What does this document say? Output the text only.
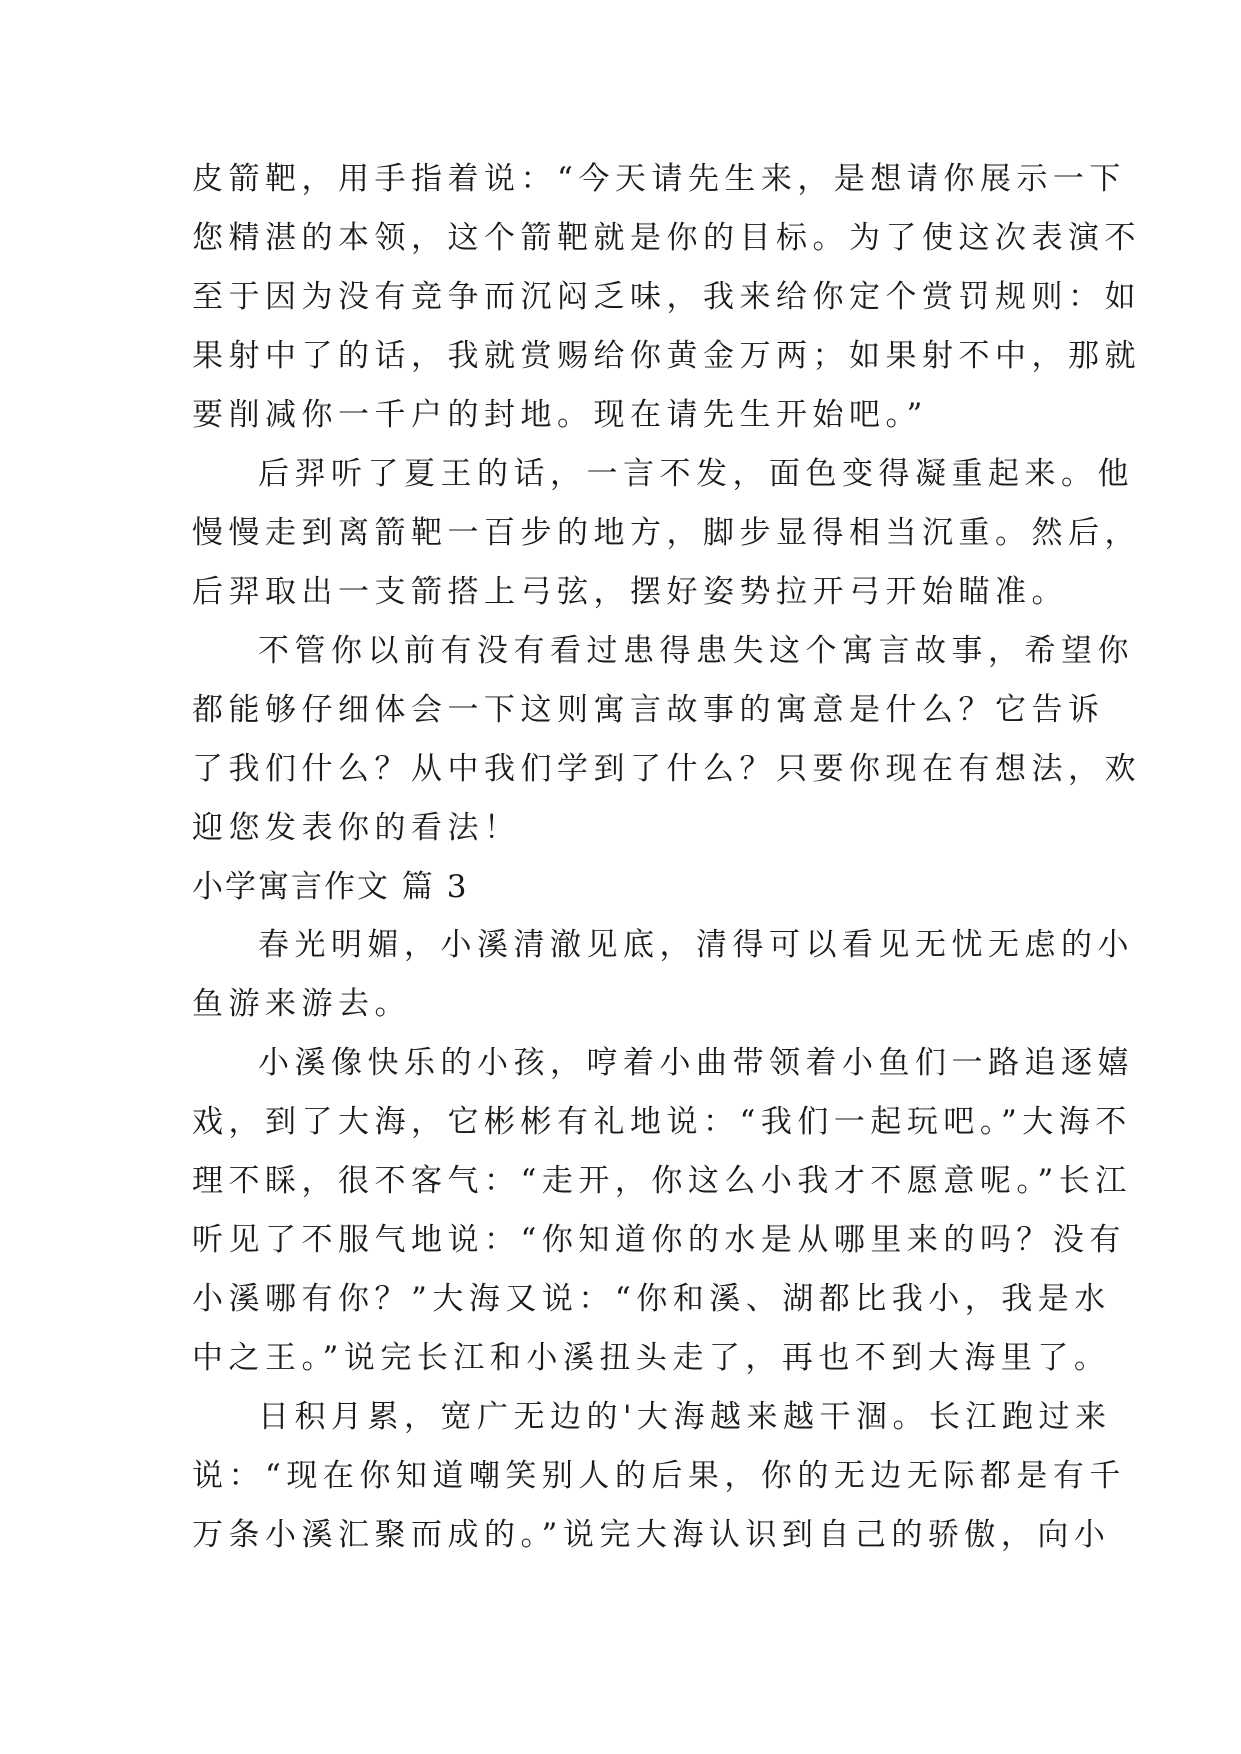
皮箭靶，用手指着说：“今天请先生来，是想请你展示一下
您精湛的本领，这个箭靶就是你的目标。为了使这次表演不
至于因为没有竞争而沉闷乏味，我来给你定个赏罚规则：如
果射中了的话，我就赏赐给你黄金万两；如果射不中，那就
要削减你一千户的封地。现在请先生开始吧。”
后羿听了夏王的话，一言不发，面色变得凝重起来。他
慢慢走到离箭靶一百步的地方，脚步显得相当沉重。然后，
后羿取出一支箭搭上弓弦，摆好姿势拉开弓开始瞄准。
不管你以前有没有看过患得患失这个寓言故事，希望你
都能够仔细体会一下这则寓言故事的寓意是什么？它告诉
了我们什么？从中我们学到了什么？只要你现在有想法，欢
迎您发表你的看法！
小学寓言作文 篇 3
春光明媚，小溪清澈见底，清得可以看见无忧无虑的小
鱼游来游去。
小溪像快乐的小孩，哼着小曲带领着小鱼们一路追逐嬉
戏，到了大海，它彬彬有礼地说：“我们一起玩吧。”大海不
理不睬，很不客气：“走开，你这么小我才不愿意呢。”长江
听见了不服气地说：“你知道你的水是从哪里来的吗？没有
小溪哪有你？”大海又说：“你和溪、湖都比我小，我是水
中之王。”说完长江和小溪扭头走了，再也不到大海里了。
日积月累，宽广无边的'大海越来越干涸。长江跑过来
说：“现在你知道嘲笑别人的后果，你的无边无际都是有千
万条小溪汇聚而成的。”说完大海认识到自己的骄傲，向小
